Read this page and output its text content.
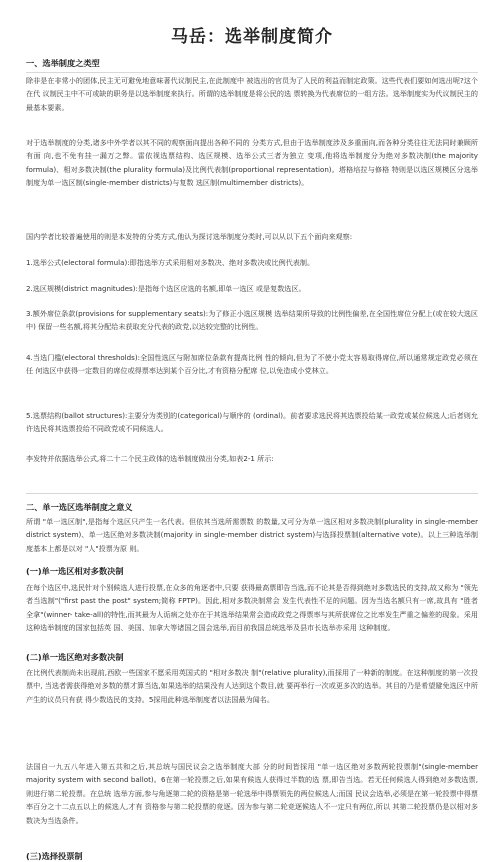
马岳：选举制度简介
一、选举制度之类型

除非是在非常小的团体,民主无可避免地意味著代议制民主,在此制度中 被选出的官员为了人民的利益而制定政策。这些代表们要如何选出呢?这个在代 议制民主中不可或缺的职务是以选举制度来执行。所谓的选举制度是将公民的选 票转换为代表席位的一组方法。选举制度实为代议制民主的最基本要素。

对于选举制度的分类,诸多中外学者以其不同的观察面向提出各种不同的 分类方式,但由于选举制度涉及多重面向,而各种分类往往无法同时兼顾所有面 向,也不免有挂一漏万之弊。雷依视选票结构、选区规模、选举公式三者为独立 变项,他将选举制度分为绝对多数决制(the majority formula)、相对多数决制(the plurality formula)及比例代表制(proportional representation)。塔格培拉与修格 特则是以选区规模区分选举制度为单一选区制(single-member districts)与复数 选区制(multimember districts)。

国内学者比较普遍使用的则是本发特的分类方式,他认为探讨选举制度分类时,可以从以下五个面向来观察:

1.选举公式(electoral formula):即指选举方式采用相对多数决、绝对多数决或比例代表制。

2.选区规模(district magnitudes):是指每个选区应选的名额,即单一选区 或是复数选区。

3.额外席位条款(provisions for supplementary seats):为了修正小选区规模 选举结果所导致的比例性偏差,在全国性席位分配上(或在较大选区中) 保留一些名额,将其分配给未获取充分代表的政党,以达较完整的比例性。

4.当选门槛(electoral thresholds):全国性选区与附加席位条款有提高比例 性的倾向,但为了不使小党太容易取得席位,所以通常规定政党必须在任 何选区中获得一定数目的席位或得票率达到某个百分比,才有资格分配席 位,以免造成小党林立。

5.选票结构(ballot structures):主要分为类别的(categorical)与顺序的 (ordinal)。前者要求选民将其选票投给某一政党或某位候选人;后者则允许选民将其选票投给不同政党或不同候选人。

李发特并依据选举公式,将二十二个民主政体的选举制度做出分类,如表2-1 所示:

二、单一选区选举制度之意义

所谓 "单一选区制",是指每个选区只产生一名代表。但依其当选所需票数 的数量,又可分为单一选区相对多数决制(plurality in single-member district system)、单一选区绝对多数决制(majority in single-member district system)与选择投票制(alternative vote)。以上三种选举制度基本上都是以对 "人"投票为原 则。

(一)单一选区相对多数决制

在每个选区中,选民针对个别候选人进行投票,在众多的角逐者中,只要 获得最高票即告当选,而不论其是否得到绝对多数选民的支持,故又称为 "领先 者当选制"("first past the post" system;简称 FPTP)。因此,相对多数决制常会 发生代表性不足的问题。因为当选名额只有一席,故具有 "胜者全拿"(winner- take-all)的特性,而其最为人诟病之处亦在于其选举结果常会造成政党之得票率与其所获席位之比率发生严重之偏差的现象。采用这种选举制度的国家包括英 国、美国、加拿大等诸国之国会选举,而目前我国总统选举及县市长选举亦采用 这种制度。

(二)单一选区绝对多数决制

在比例代表制尚未出现前,西欧一些国家不愿采用英国式的 "相对多数决 制"(relative plurality),而採用了一种新的制度。在这种制度的第一次投票中, 当选者需获得绝对多数的票才算当选,如果选举的结果没有人达到这个数目,就 要再举行一次或更多次的选举。其目的乃是希望避免选区中所产生的议员只有获 得少数选民的支持。5採用此种选举制度者以法国最为闻名。

法国自一九五八年进入第五共和之后,其总统与国民议会之选举制度大部 分的时间皆採用 "单一选区绝对多数两轮投票制"(single-member majority system with second ballot)。6在第一轮投票之后,如果有候选人获得过半数的选 票,即告当选。若无任何候选人得到绝对多数选票,则进行第二轮投票。在总统 选举方面,参与角逐第二轮的资格是第一轮选举中得票领先的两位候选人;而国 民议会选举,必须是在第一轮投票中得票率百分之十二点五以上的候选人,才有 资格参与第二轮投票的竞逐。因为参与第二轮竞逐候选人不一定只有两位,所以 其第二轮投票仍是以相对多数决为当选条件。

(三)选择投票制
